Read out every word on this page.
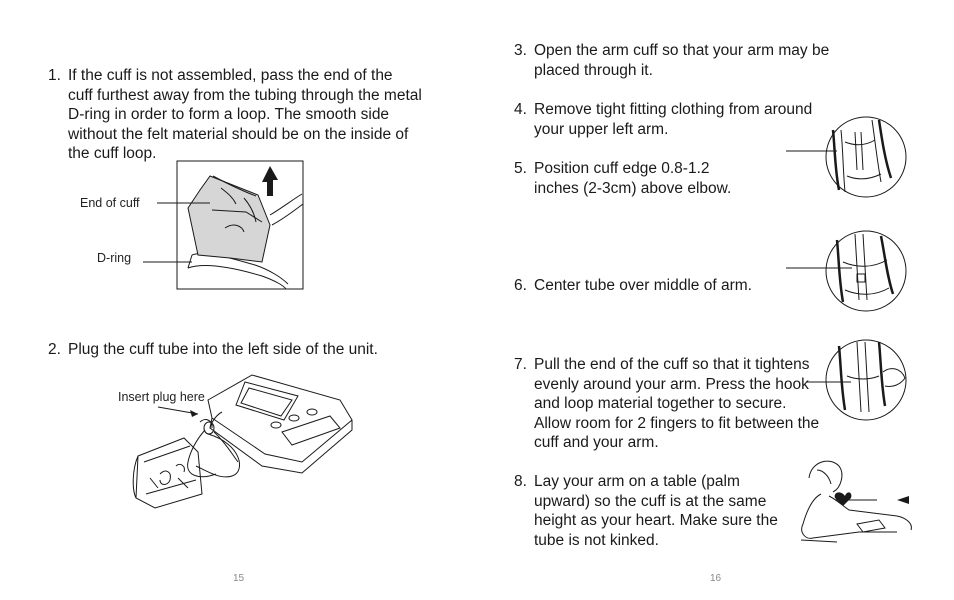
1. If the cuff is not assembled, pass the end of the
cuff furthest away from the tubing through the metal
D-ring in order to form a loop. The smooth side
without the felt material should be on the inside of
the cuff loop.
End of cuff
D-ring
2. Plug the cuff tube into the left side of the unit.
Insert plug here
15
3. Open the arm cuff so that your arm may be
placed through it.
4. Remove tight fitting clothing from around
your upper left arm.
5. Position cuff edge 0.8-1.2
inches (2-3cm) above elbow.
6. Center tube over middle of arm.
7. Pull the end of the cuff so that it tightens
evenly around your arm. Press the hook
and loop material together to secure.
Allow room for 2 fingers to fit between the
cuff and your arm.
8. Lay your arm on a table (palm
upward) so the cuff is at the same
height as your heart. Make sure the
tube is not kinked.
16
